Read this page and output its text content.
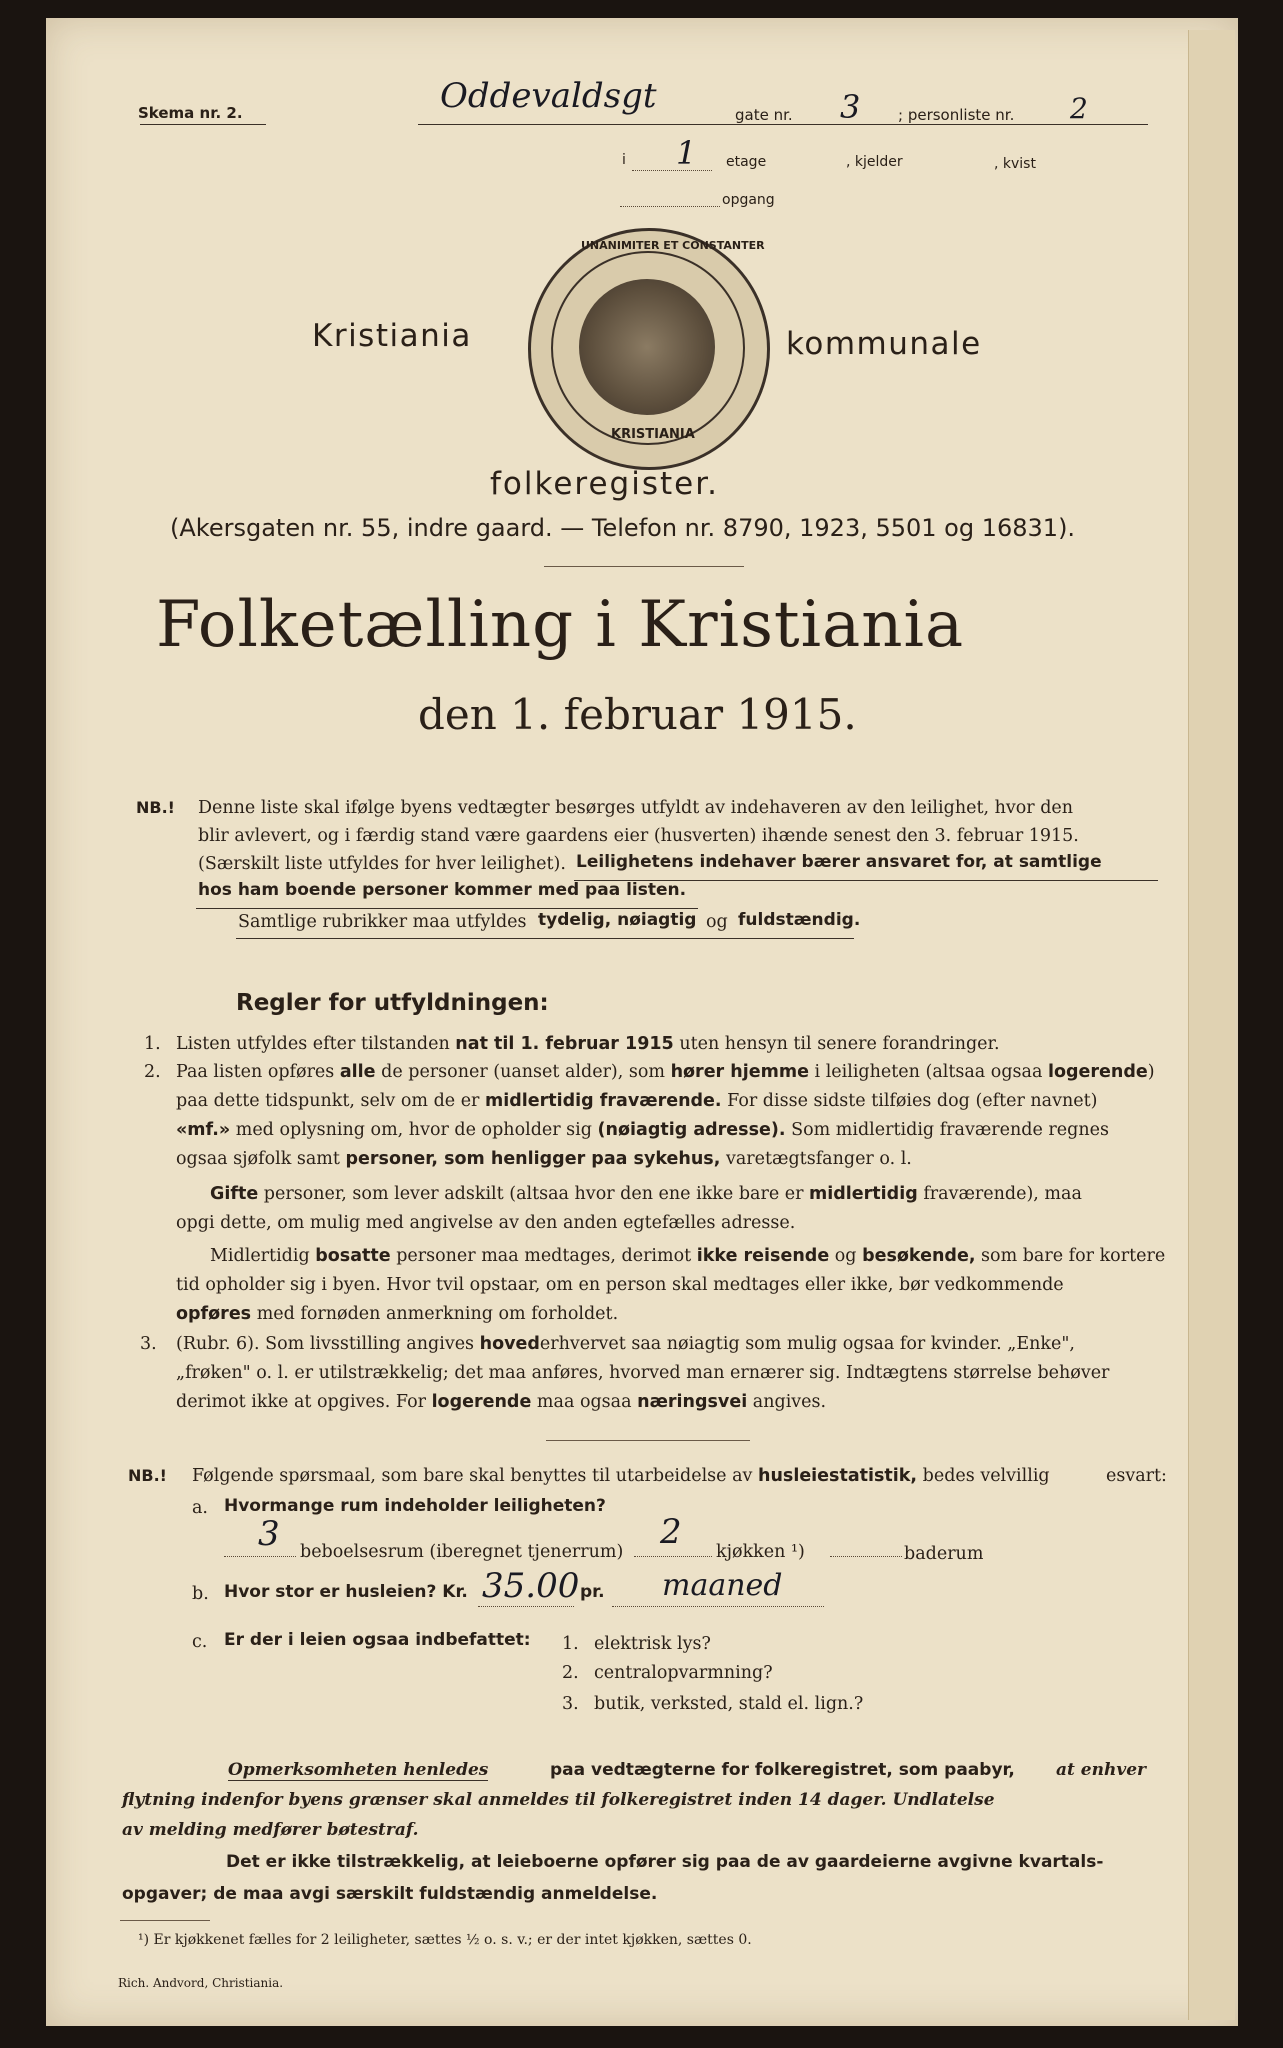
Skema nr. 2.	Oddevaldsgt	gate nr. 3	; personliste nr. 2
i 1 etage	, kjelder	, kvist
opgang
UNANIMITER ET CONSTANTER
KRISTIANIA
Kristiania	kommunale
folkeregister.
(Akersgaten nr. 55, indre gaard. — Telefon nr. 8790, 1923, 5501 og 16831).
Folketælling i Kristiania
den 1. februar 1915.
NB.! Denne liste skal ifølge byens vedtægter besørges utfyldt av indehaveren av den leilighet, hvor den
blir avlevert, og i færdig stand være gaardens eier (husverten) ihænde senest den 3. februar 1915.
(Særskilt liste utfyldes for hver leilighet). Leilighetens indehaver bærer ansvaret for, at samtlige
hos ham boende personer kommer med paa listen.
Samtlige rubrikker maa utfyldes tydelig, nøiagtig og fuldstændig.
Regler for utfyldningen:
1. Listen utfyldes efter tilstanden nat til 1. februar 1915 uten hensyn til senere forandringer.
2. Paa listen opføres alle de personer (uanset alder), som hører hjemme i leiligheten (altsaa ogsaa logerende)
paa dette tidspunkt, selv om de er midlertidig fraværende. For disse sidste tilføies dog (efter navnet)
«mf.» med oplysning om, hvor de opholder sig (nøiagtig adresse). Som midlertidig fraværende regnes
ogsaa sjøfolk samt personer, som henligger paa sykehus, varetægtsfanger o. l.
Gifte personer, som lever adskilt (altsaa hvor den ene ikke bare er midlertidig fraværende), maa
opgi dette, om mulig med angivelse av den anden egtefælles adresse.
Midlertidig bosatte personer maa medtages, derimot ikke reisende og besøkende, som bare for kortere
tid opholder sig i byen. Hvor tvil opstaar, om en person skal medtages eller ikke, bør vedkommende
opføres med fornøden anmerkning om forholdet.
3. (Rubr. 6). Som livsstilling angives hovederhvervet saa nøiagtig som mulig ogsaa for kvinder. „Enke",
„frøken" o. l. er utilstrækkelig; det maa anføres, hvorved man ernærer sig. Indtægtens størrelse behøver
derimot ikke at opgives. For logerende maa ogsaa næringsvei angives.
NB.! Følgende spørsmaal, som bare skal benyttes til utarbeidelse av husleiestatistik, bedes velvillig	esvart:
a. Hvormange rum indeholder leiligheten?
3 beboelsesrum (iberegnet tjenerrum) 2 kjøkken ¹)	baderum
b. Hvor stor er husleien? Kr. 35.00 pr. maaned
c. Er der i leien ogsaa indbefattet: 1. elektrisk lys?
2. centralopvarmning?
3. butik, verksted, stald el. lign.?
Opmerksomheten henledes	paa vedtægterne for folkeregistret, som paabyr, at enhver
flytning indenfor byens grænser skal anmeldes til folkeregistret inden 14 dager. Undlatelse
av melding medfører bøtestraf.
Det er ikke tilstrækkelig, at leieboerne opfører sig paa de av gaardeierne avgivne kvartals-
opgaver; de maa avgi særskilt fuldstændig anmeldelse.
¹) Er kjøkkenet fælles for 2 leiligheter, sættes ½ o. s. v.; er der intet kjøkken, sættes 0.
Rich. Andvord, Christiania.
